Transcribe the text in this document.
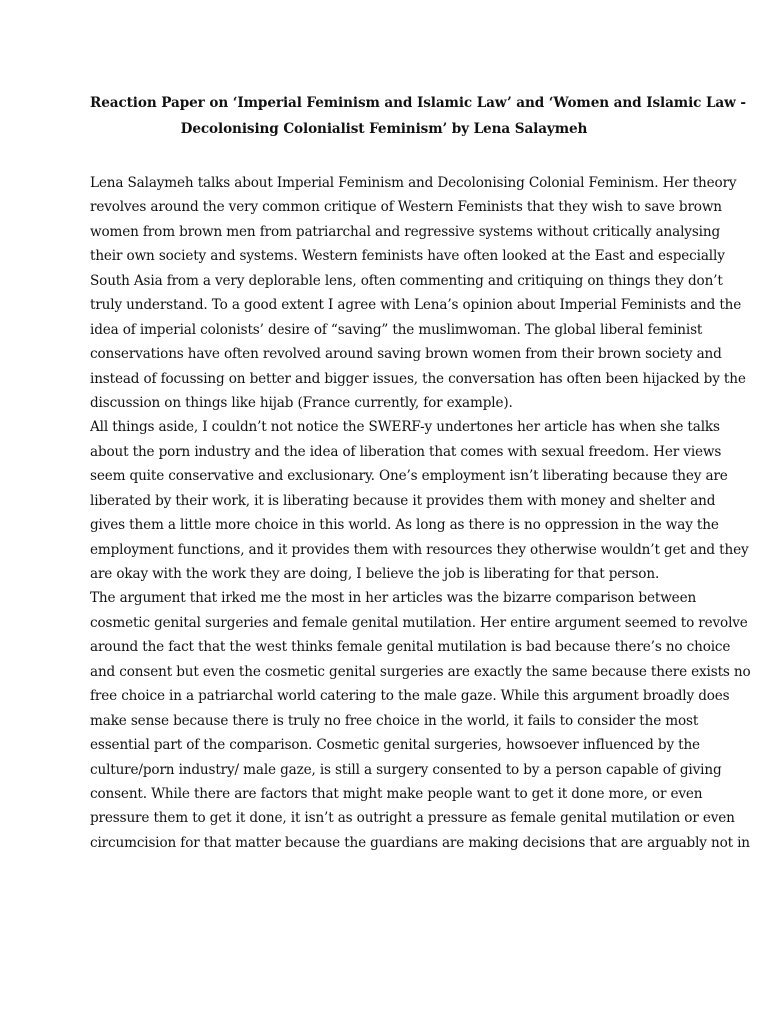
Reaction Paper on ‘Imperial Feminism and Islamic Law’ and ‘Women and Islamic Law -
Decolonising Colonialist Feminism’ by Lena Salaymeh
Lena Salaymeh talks about Imperial Feminism and Decolonising Colonial Feminism. Her theory
revolves around the very common critique of Western Feminists that they wish to save brown
women from brown men from patriarchal and regressive systems without critically analysing
their own society and systems. Western feminists have often looked at the East and especially
South Asia from a very deplorable lens, often commenting and critiquing on things they don’t
truly understand. To a good extent I agree with Lena’s opinion about Imperial Feminists and the
idea of imperial colonists’ desire of “saving” the muslimwoman. The global liberal feminist
conservations have often revolved around saving brown women from their brown society and
instead of focussing on better and bigger issues, the conversation has often been hijacked by the
discussion on things like hijab (France currently, for example).
All things aside, I couldn’t not notice the SWERF-y undertones her article has when she talks
about the porn industry and the idea of liberation that comes with sexual freedom. Her views
seem quite conservative and exclusionary. One’s employment isn’t liberating because they are
liberated by their work, it is liberating because it provides them with money and shelter and
gives them a little more choice in this world. As long as there is no oppression in the way the
employment functions, and it provides them with resources they otherwise wouldn’t get and they
are okay with the work they are doing, I believe the job is liberating for that person.
The argument that irked me the most in her articles was the bizarre comparison between
cosmetic genital surgeries and female genital mutilation. Her entire argument seemed to revolve
around the fact that the west thinks female genital mutilation is bad because there’s no choice
and consent but even the cosmetic genital surgeries are exactly the same because there exists no
free choice in a patriarchal world catering to the male gaze. While this argument broadly does
make sense because there is truly no free choice in the world, it fails to consider the most
essential part of the comparison. Cosmetic genital surgeries, howsoever influenced by the
culture/porn industry/ male gaze, is still a surgery consented to by a person capable of giving
consent. While there are factors that might make people want to get it done more, or even
pressure them to get it done, it isn’t as outright a pressure as female genital mutilation or even
circumcision for that matter because the guardians are making decisions that are arguably not in
